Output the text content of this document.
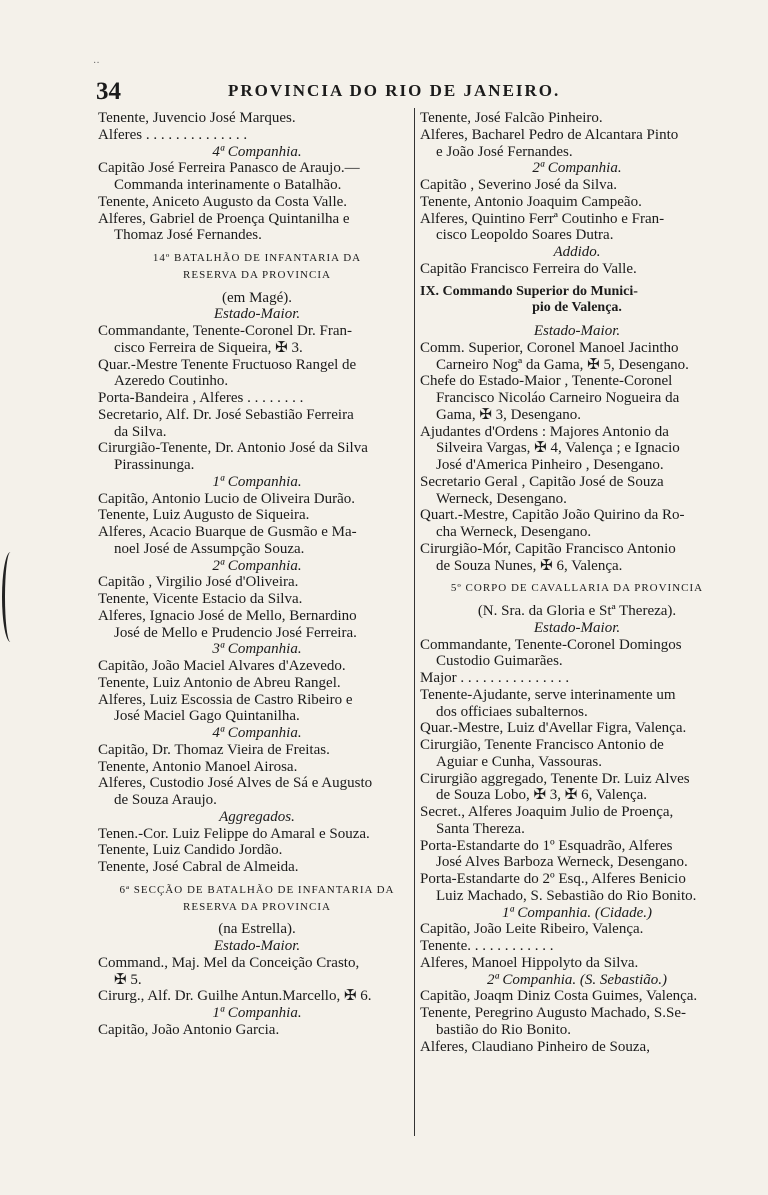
··
34	PROVINCIA DO RIO DE JANEIRO.
Tenente, Juvencio José Marques.
Alferes . . . . . . . . . . . . . .
4ª Companhia.
Capitão José Ferreira Panasco de Araujo.—
Commanda interinamente o Batalhão.
Tenente, Aniceto Augusto da Costa Valle.
Alferes, Gabriel de Proença Quintanilha e
Thomaz José Fernandes.
14º BATALHÃO DE INFANTARIA DA
RESERVA DA PROVINCIA
(em Magé).
Estado-Maior.
Commandante, Tenente-Coronel Dr. Fran-
cisco Ferreira de Siqueira, ✠ 3.
Quar.-Mestre Tenente Fructuoso Rangel de
Azeredo Coutinho.
Porta-Bandeira , Alferes . . . . . . . .
Secretario, Alf. Dr. José Sebastião Ferreira
da Silva.
Cirurgião-Tenente, Dr. Antonio José da Silva
Pirassinunga.
1ª Companhia.
Capitão, Antonio Lucio de Oliveira Durão.
Tenente, Luiz Augusto de Siqueira.
Alferes, Acacio Buarque de Gusmão e Ma-
noel José de Assumpção Souza.
2ª Companhia.
Capitão , Virgilio José d'Oliveira.
Tenente, Vicente Estacio da Silva.
Alferes, Ignacio José de Mello, Bernardino
José de Mello e Prudencio José Ferreira.
3ª Companhia.
Capitão, João Maciel Alvares d'Azevedo.
Tenente, Luiz Antonio de Abreu Rangel.
Alferes, Luiz Escossia de Castro Ribeiro e
José Maciel Gago Quintanilha.
4ª Companhia.
Capitão, Dr. Thomaz Vieira de Freitas.
Tenente, Antonio Manoel Airosa.
Alferes, Custodio José Alves de Sá e Augusto
de Souza Araujo.
Aggregados.
Tenen.-Cor. Luiz Felippe do Amaral e Souza.
Tenente, Luiz Candido Jordão.
Tenente, José Cabral de Almeida.
6ª SECÇÃO DE BATALHÃO DE INFANTARIA DA
RESERVA DA PROVINCIA
(na Estrella).
Estado-Maior.
Command., Maj. Mel da Conceição Crasto,
✠ 5.
Cirurg., Alf. Dr. Guilhe Antun.Marcello, ✠ 6.
1ª Companhia.
Capitão, João Antonio Garcia.
Tenente, José Falcão Pinheiro.
Alferes, Bacharel Pedro de Alcantara Pinto
e João José Fernandes.
2ª Companhia.
Capitão , Severino José da Silva.
Tenente, Antonio Joaquim Campeão.
Alferes, Quintino Ferrª Coutinho e Fran-
cisco Leopoldo Soares Dutra.
Addido.
Capitão Francisco Ferreira do Valle.
IX. Commando Superior do Munici-
pio de Valença.
Estado-Maior.
Comm. Superior, Coronel Manoel Jacintho
Carneiro Nogª da Gama, ✠ 5, Desengano.
Chefe do Estado-Maior , Tenente-Coronel
Francisco Nicoláo Carneiro Nogueira da
Gama, ✠ 3, Desengano.
Ajudantes d'Ordens : Majores Antonio da
Silveira Vargas, ✠ 4, Valença ; e Ignacio
José d'America Pinheiro , Desengano.
Secretario Geral , Capitão José de Souza
Werneck, Desengano.
Quart.-Mestre, Capitão João Quirino da Ro-
cha Werneck, Desengano.
Cirurgião-Mór, Capitão Francisco Antonio
de Souza Nunes, ✠ 6, Valença.
5º CORPO DE CAVALLARIA DA PROVINCIA
(N. Sra. da Gloria e Stª Thereza).
Estado-Maior.
Commandante, Tenente-Coronel Domingos
Custodio Guimarães.
Major . . . . . . . . . . . . . . .
Tenente-Ajudante, serve interinamente um
dos officiaes subalternos.
Quar.-Mestre, Luiz d'Avellar Figra, Valença.
Cirurgião, Tenente Francisco Antonio de
Aguiar e Cunha, Vassouras.
Cirurgião aggregado, Tenente Dr. Luiz Alves
de Souza Lobo, ✠ 3, ✠ 6, Valença.
Secret., Alferes Joaquim Julio de Proença,
Santa Thereza.
Porta-Estandarte do 1º Esquadrão, Alferes
José Alves Barboza Werneck, Desengano.
Porta-Estandarte do 2º Esq., Alferes Benicio
Luiz Machado, S. Sebastião do Rio Bonito.
1ª Companhia. (Cidade.)
Capitão, João Leite Ribeiro, Valença.
Tenente. . . . . . . . . . . .
Alferes, Manoel Hippolyto da Silva.
2ª Companhia. (S. Sebastião.)
Capitão, Joaqm Diniz Costa Guimes, Valença.
Tenente, Peregrino Augusto Machado, S.Se-
bastião do Rio Bonito.
Alferes, Claudiano Pinheiro de Souza,
